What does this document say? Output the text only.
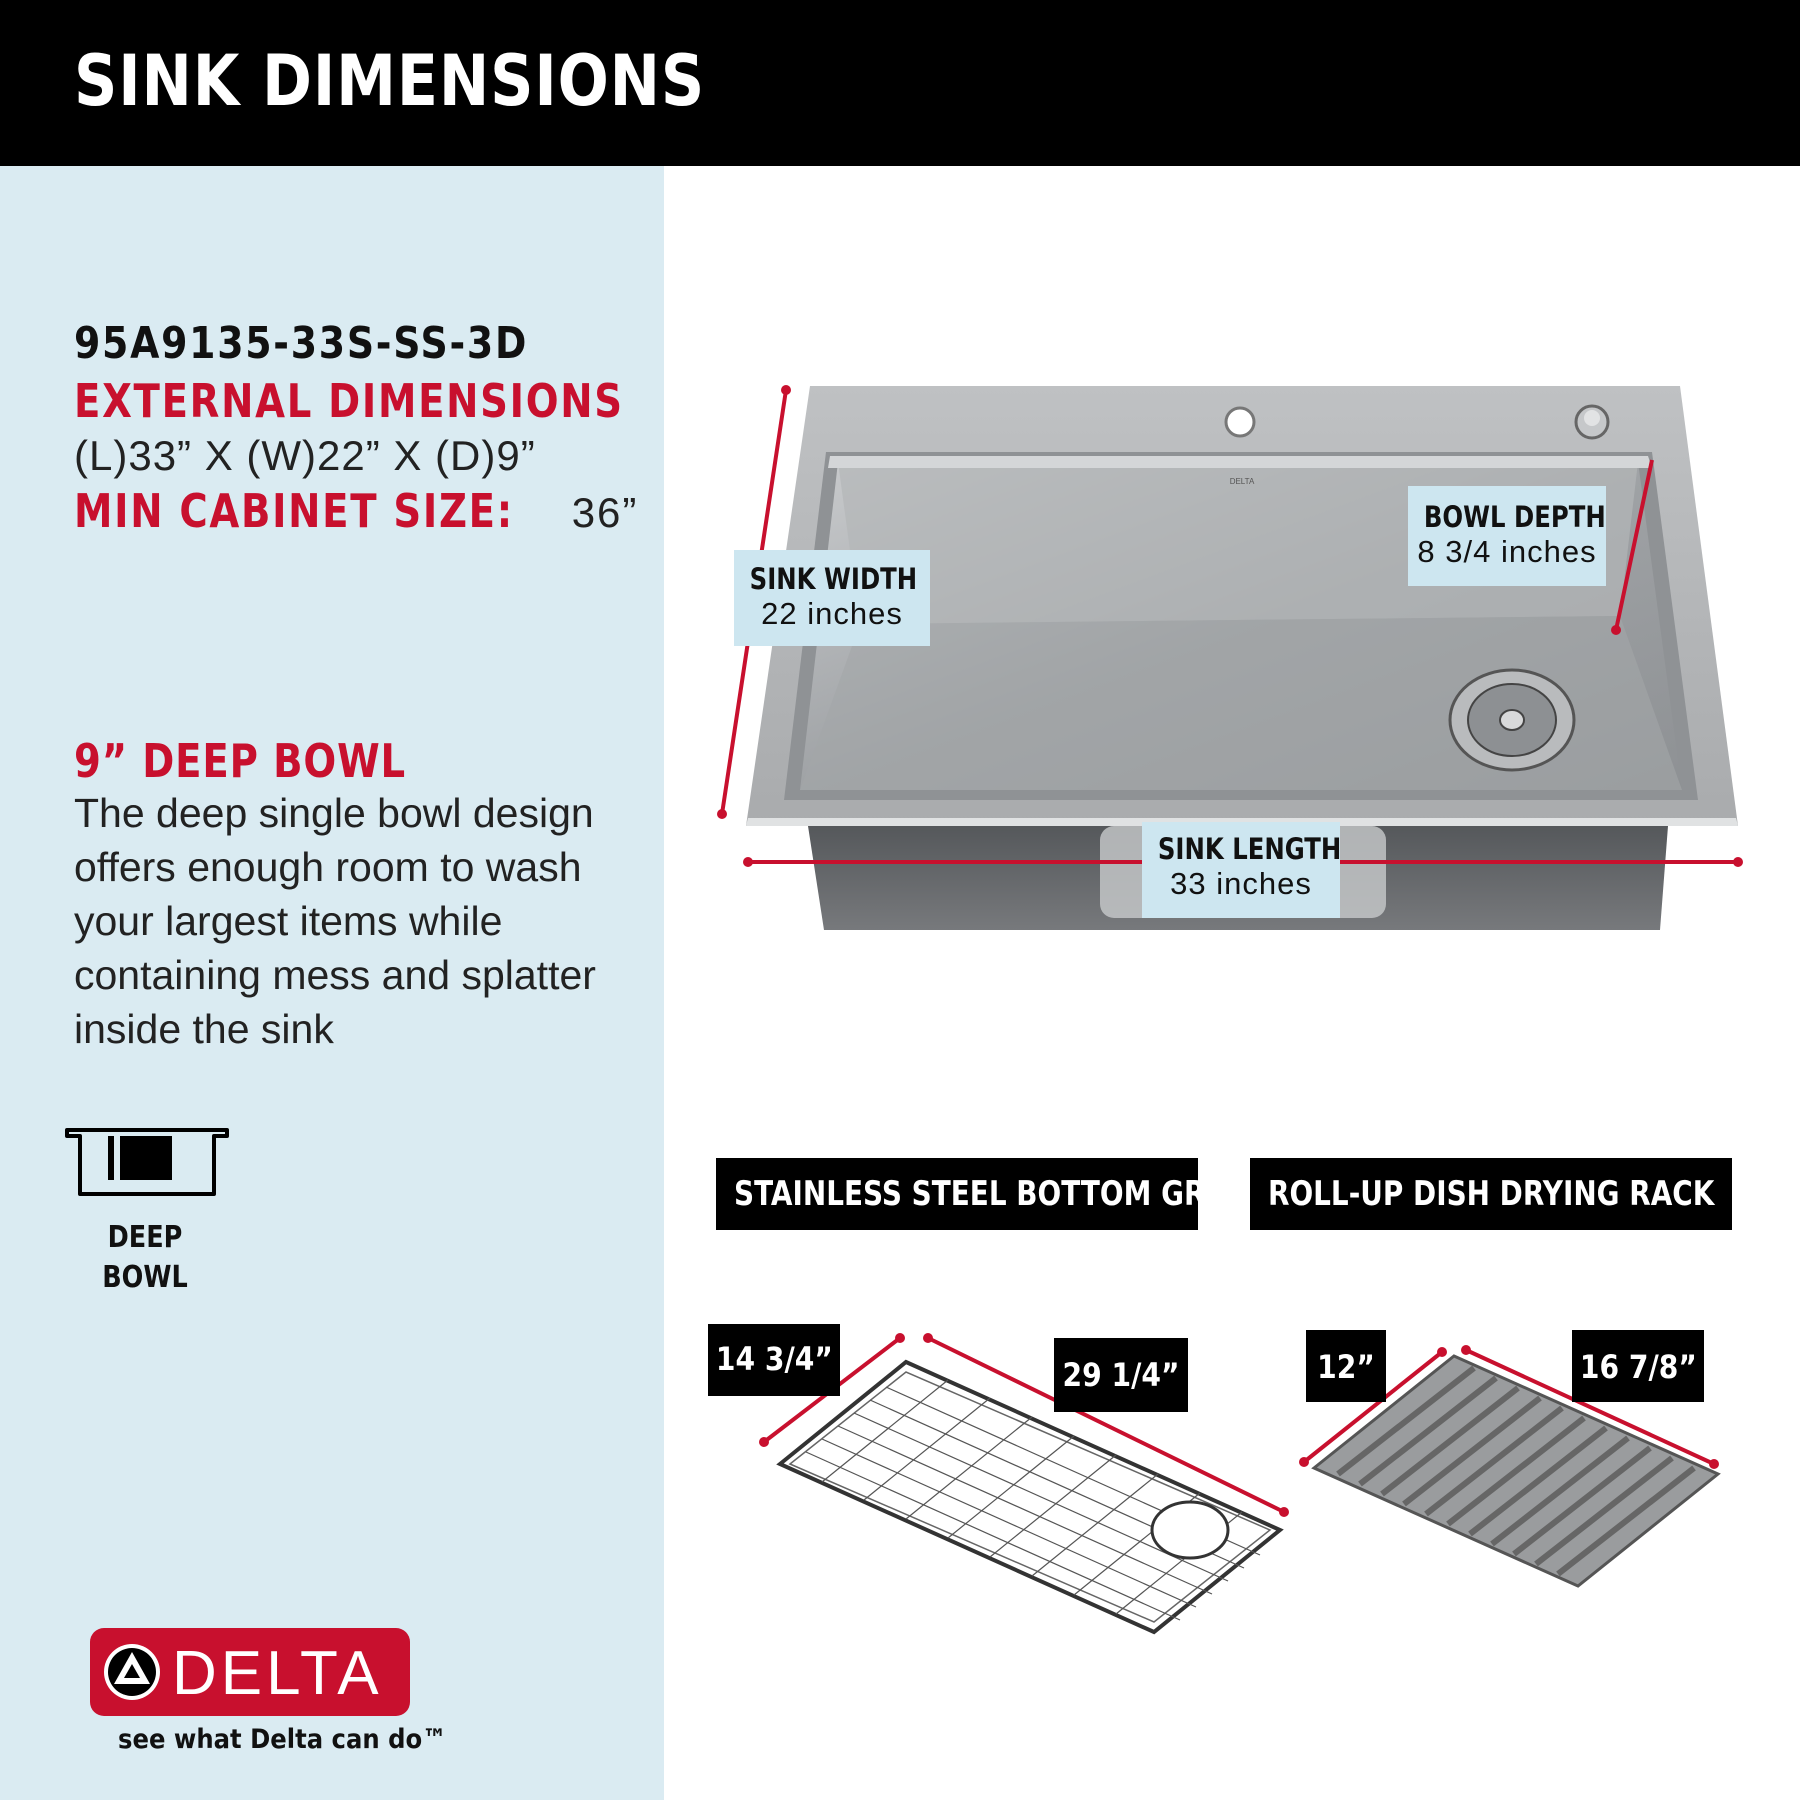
SINK DIMENSIONS
95A9135-33S-SS-3D
EXTERNAL DIMENSIONS
(L)33” X (W)22” X (D)9”
MIN CABINET SIZE: 36”
9” DEEP BOWL
The deep single bowl design offers enough room to wash your largest items while containing mess and splatter inside the sink
DEEP
BOWL
DELTA
see what Delta can do™
DELTA
SINK WIDTH
22 inches
BOWL DEPTH
8 3/4 inches
SINK LENGTH
33 inches
STAINLESS STEEL BOTTOM GRID ROLL-UP DISH DRYING RACK
14 3/4”	29 1/4”	12”	16 7/8”
